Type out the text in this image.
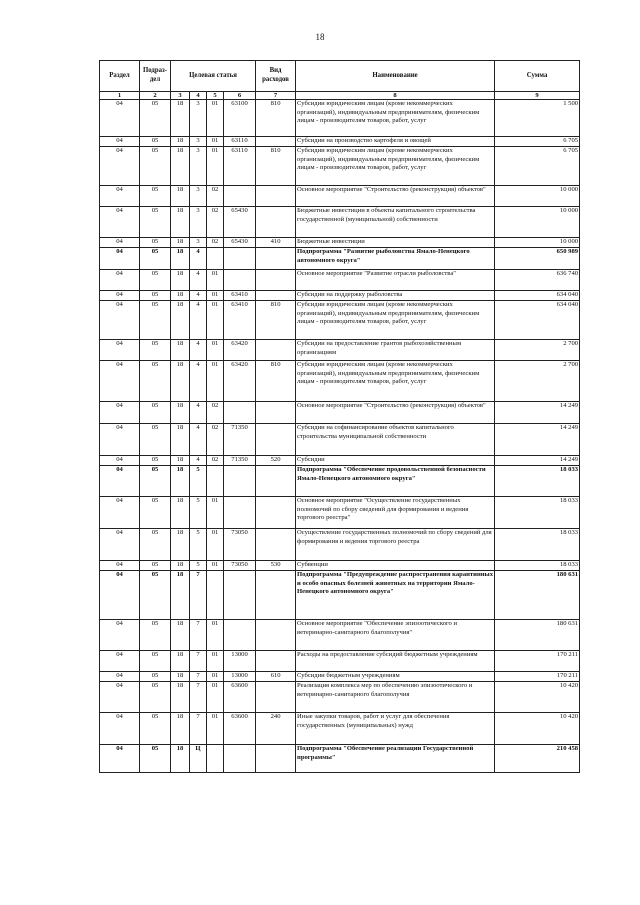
18
Раздел	Подраз-дел	Целевая статья				Вид расходов	Наименование	Сумма
1	2	3	4	5	6	7	8	9
04	05	18	3	01	63100	810	Субсидии юридическим лицам (кроме некоммерческих организаций), индивидуальным предпринимателям, физическим лицам - производителям товаров, работ, услуг	1 500
04	05	18	3	01	63110		Субсидии на производство картофеля и овощей	6 705
04	05	18	3	01	63110	810	Субсидии юридическим лицам (кроме некоммерческих организаций), индивидуальным предпринимателям, физическим лицам - производителям товаров, работ, услуг	6 705
04	05	18	3	02			Основное мероприятие "Строительство (реконструкция) объектов"	10 000
04	05	18	3	02	65430		Бюджетные инвестиции в объекты капитального строительства государственной (муниципальной) собственности	10 000
04	05	18	3	02	65430	410	Бюджетные инвестиции	10 000
04	05	18	4				Подпрограмма "Развитие рыболовства Ямало-Ненецкого автономного округа"	650 989
04	05	18	4	01			Основное мероприятие "Развитие отрасли рыболовства"	636 740
04	05	18	4	01	63410		Субсидии на поддержку рыболовства	634 040
04	05	18	4	01	63410	810	Субсидии юридическим лицам (кроме некоммерческих организаций), индивидуальным предпринимателям, физическим лицам - производителям товаров, работ, услуг	634 040
04	05	18	4	01	63420		Субсидии на предоставление грантов рыбохозяйственным организациям	2 700
04	05	18	4	01	63420	810	Субсидии юридическим лицам (кроме некоммерческих организаций), индивидуальным предпринимателям, физическим лицам - производителям товаров, работ, услуг	2 700
04	05	18	4	02			Основное мероприятие "Строительство (реконструкция) объектов"	14 249
04	05	18	4	02	71350		Субсидии на софинансирование объектов капитального строительства муниципальной собственности	14 249
04	05	18	4	02	71350	520	Субсидии	14 249
04	05	18	5				Подпрограмма "Обеспечение продовольственной безопасности Ямало-Ненецкого автономного округа"	18 033
04	05	18	5	01			Основное мероприятие "Осуществление государственных полномочий по сбору сведений для формирования и ведения торгового реестра"	18 033
04	05	18	5	01	73050		Осуществление государственных полномочий по сбору сведений для формирования и ведения торгового реестра	18 033
04	05	18	5	01	73050	530	Субвенции	18 033
04	05	18	7				Подпрограмма "Предупреждение распространения карантинных и особо опасных болезней животных на территории Ямало-Ненецкого автономного округа"	180 631
04	05	18	7	01			Основное мероприятие "Обеспечение эпизоотического и ветеринарно-санитарного благополучия"	180 631
04	05	18	7	01	13000		Расходы на предоставление субсидий бюджетным учреждениям	170 211
04	05	18	7	01	13000	610	Субсидии бюджетным учреждениям	170 211
04	05	18	7	01	63600		Реализация комплекса мер по обеспечению эпизоотического и ветеринарно-санитарного благополучия	10 420
04	05	18	7	01	63600	240	Иные закупки товаров, работ и услуг для обеспечения государственных (муниципальных) нужд	10 420
04	05	18	Ц				Подпрограмма "Обеспечение реализации Государственной программы"	210 458
